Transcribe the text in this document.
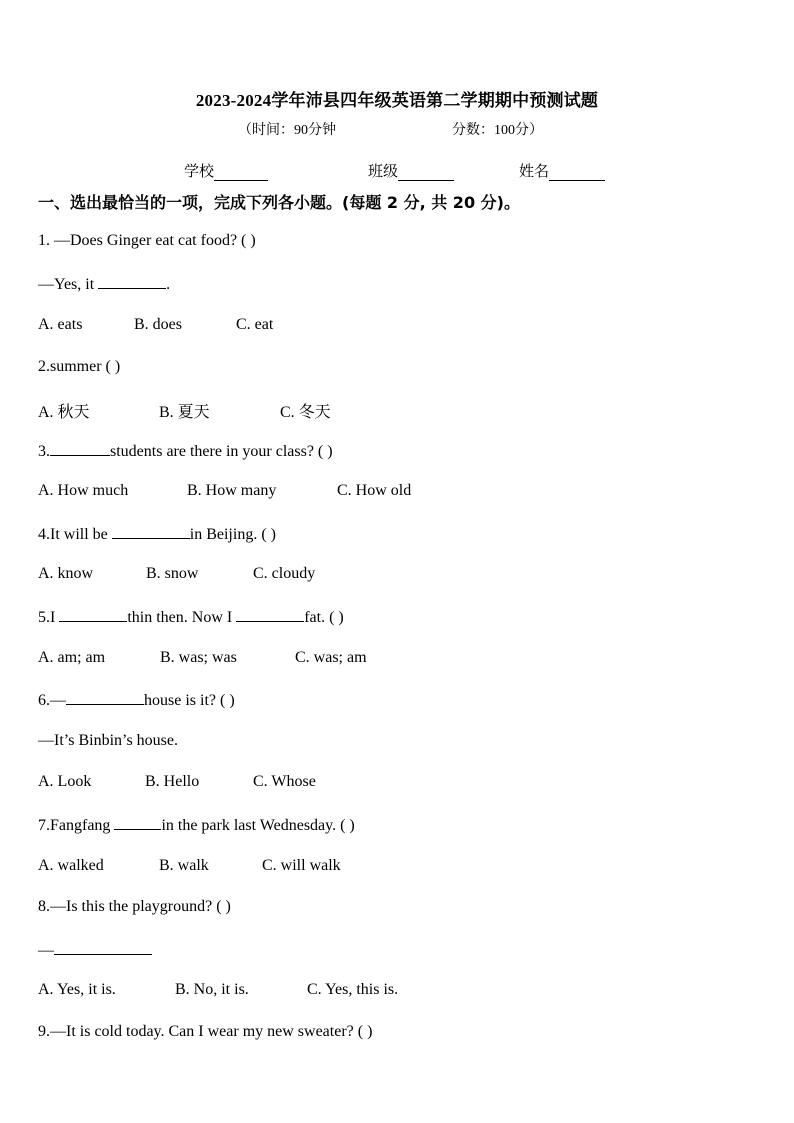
2023-2024学年沛县四年级英语第二学期期中预测试题
（时间：90分钟	分数：100分）
学校	班级	姓名
一、选出最恰当的一项，完成下列各小题。(每题 2 分, 共 20 分)。
1. —Does Ginger eat cat food? ( )
—Yes, it	.
A. eats	B. does	C. eat
2.summer ( )
A. 秋天	B. 夏天	C. 冬天
3.	students are there in your class? ( )
A. How much	B. How many	C. How old
4.It will be	in Beijing. ( )
A. know	B. snow	C. cloudy
5.I	thin then. Now I	fat. ( )
A. am; am	B. was; was	C. was; am
6.—	house is it? ( )
—It’s Binbin’s house.
A. Look	B. Hello	C. Whose
7.Fangfang	in the park last Wednesday. ( )
A. walked	B. walk	C. will walk
8.—Is this the playground? ( )
—
A. Yes, it is.	B. No, it is.	C. Yes, this is.
9.—It is cold today. Can I wear my new sweater? ( )
